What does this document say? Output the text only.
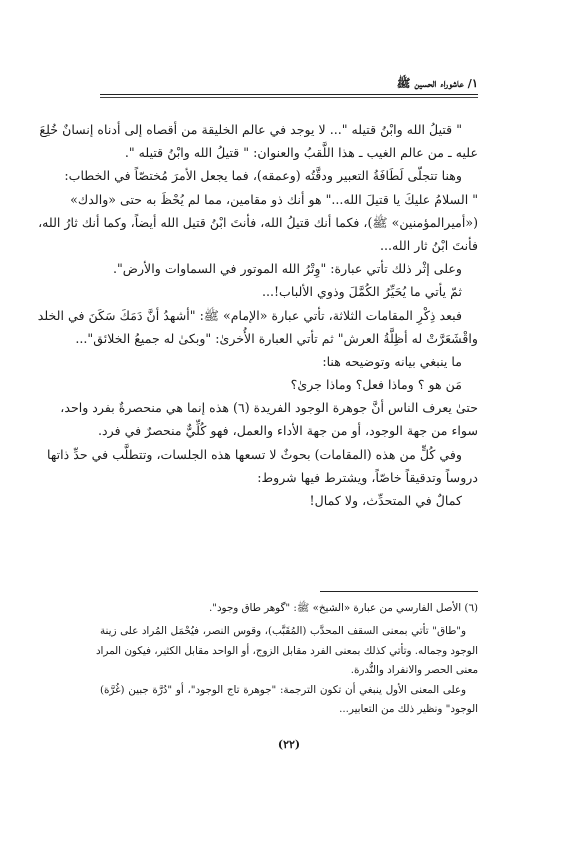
١/ عاشوراء الحسين ﷺ
" قتيلُ الله وابْنُ قتيله "... لا يوجد في عالم الخليقة من أقصاه إلى أدناه إنسانٌ خُلِعَ
عليه ـ من عالم الغيب ـ هذا اللَّقبُ والعنوان: " قتيلُ الله وابْنُ قتيله ".
وهنا تتجلّى لَطَافَةُ التعبير ودقَّتُه (وعمقه)، فما يجعل الأمرَ مُختصّاً في الخطاب:
" السلامُ عليكَ يا قتيلَ الله..." هو أنك ذو مقامين، مما لم يُحْظَ به حتى «والدك»
(«أميرالمؤمنين» ﷺ)، فكما أنك قتيلُ الله، فأنتَ ابْنُ قتيل الله أيضاً، وكما أنك ثارُ الله،
فأنتَ ابْنُ ثار الله...
وعلى إثْر ذلك تأتي عبارة: "وِتْرُ الله الموتور في السماوات والأرض".
ثمّ يأتي ما يُحَيِّرُ الكُمَّلَ وذوي الألباب!...
فبعد ذِكْرِ المقامات الثلاثة، تأتي عبارة «الإمام» ﷺ: "أشهدُ أنَّ دَمَكَ سَكَنَ في الخلد
واقْشَعَرَّتْ له أظِلَّةُ العرش" ثم تأتي العبارة الأُخرىٰ: "وبكىٰ له جميعُ الخلائق"...
ما ينبغي بيانه وتوضيحه هنا:
مَن هو ؟ وماذا فعل؟ وماذا جرىٰ؟
حتىٰ يعرف الناس أنَّ جوهرة الوجود الفريدة (٦) هذه إنما هي منحصرةٌ بفرد واحد،
سواء من جهة الوجود، أو من جهة الأداء والعمل، فهو كُلِّيٌّ منحصرٌ في فرد.
وفي كُلٍّ من هذه (المقامات) بحوثٌ لا تسعها هذه الجلسات، وتتطلَّب في حدِّ ذاتها
دروساً وتدقيقاً خاصّاً، ويشترط فيها شروط:
كمالٌ في المتحدِّث، ولا كمال!
(٦) الأصل الفارسي من عبارة «الشيخ» ﷺ: "گوهر طاق وجود".
و"طاق" تأتي بمعنى السقف المحدَّب (المُقَبَّب)، وقوس النصر، فيُحْمَل المُراد على زينة
الوجود وجماله. وتأتي كذلك بمعنى الفرد مقابل الزوج، أو الواحد مقابل الكثير، فيكون المراد
معنى الحصر والانفراد والنُّدرة.
وعلى المعنى الأول ينبغي أن تكون الترجمة: "جوهرة تاج الوجود"، أو "دُرَّة جبين (غُرَّة)
الوجود" ونظير ذلك من التعابير...
(٢٢)
